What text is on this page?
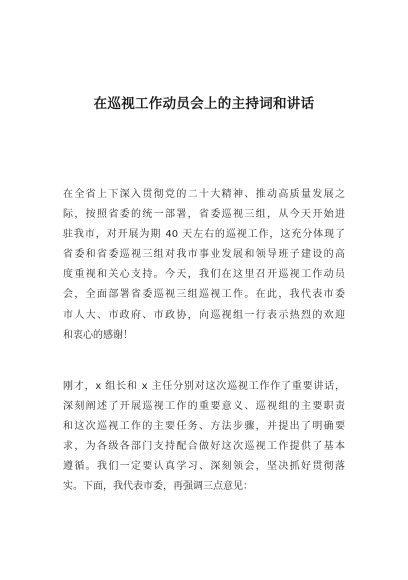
在巡视工作动员会上的主持词和讲话
在全省上下深入贯彻党的二十大精神、推动高质量发展之
际，按照省委的统一部署，省委巡视三组，从今天开始进
驻我市，对开展为期 40 天左右的巡视工作，这充分体现了
省委和省委巡视三组对我市事业发展和领导班子建设的高
度重视和关心支持。今天，我们在这里召开巡视工作动员
会，全面部署省委巡视三组巡视工作。在此，我代表市委
市人大、市政府、市政协，向巡视组一行表示热烈的欢迎
和衷心的感谢！
刚才，x 组长和 x 主任分别对这次巡视工作作了重要讲话，
深刻阐述了开展巡视工作的重要意义、巡视组的主要职责
和这次巡视工作的主要任务、方法步骤，并提出了明确要
求，为各级各部门支持配合做好这次巡视工作提供了基本
遵循。我们一定要认真学习、深刻领会，坚决抓好贯彻落
实。下面，我代表市委，再强调三点意见：
